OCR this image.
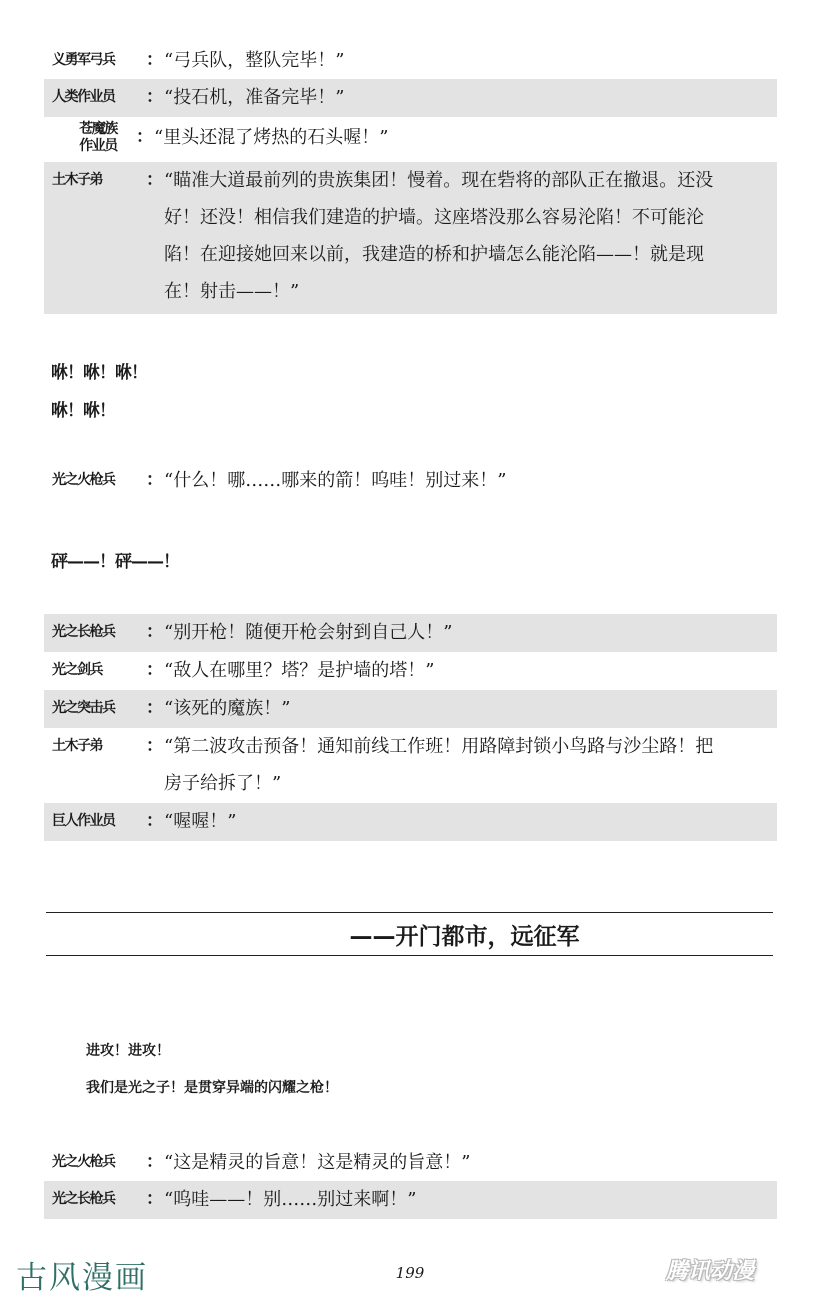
义勇军弓兵	： “弓兵队，整队完毕！”
人类作业员	： “投石机，准备完毕！”
苍魔族
作业员	： “里头还混了烤热的石头喔！”
土木子弟	： “瞄准大道最前列的贵族集团！慢着。现在砦将的部队正在撤退。还没
好！还没！相信我们建造的护墙。这座塔没那么容易沦陷！不可能沦
陷！在迎接她回来以前，我建造的桥和护墙怎么能沦陷——！就是现
在！射击——！”
咻！咻！咻！
咻！咻！
光之火枪兵	： “什么！哪……哪来的箭！呜哇！别过来！”
砰——！砰——！
光之长枪兵	： “别开枪！随便开枪会射到自己人！”
光之剑兵	： “敌人在哪里？塔？是护墙的塔！”
光之突击兵	： “该死的魔族！”
土木子弟	： “第二波攻击预备！通知前线工作班！用路障封锁小鸟路与沙尘路！把
房子给拆了！”
巨人作业员	： “喔喔！”
——开门都市，远征军
进攻！进攻！
我们是光之子！是贯穿异端的闪耀之枪！
光之火枪兵	： “这是精灵的旨意！这是精灵的旨意！”
光之长枪兵	： “呜哇——！别……别过来啊！”
古风漫画	199	腾讯动漫
